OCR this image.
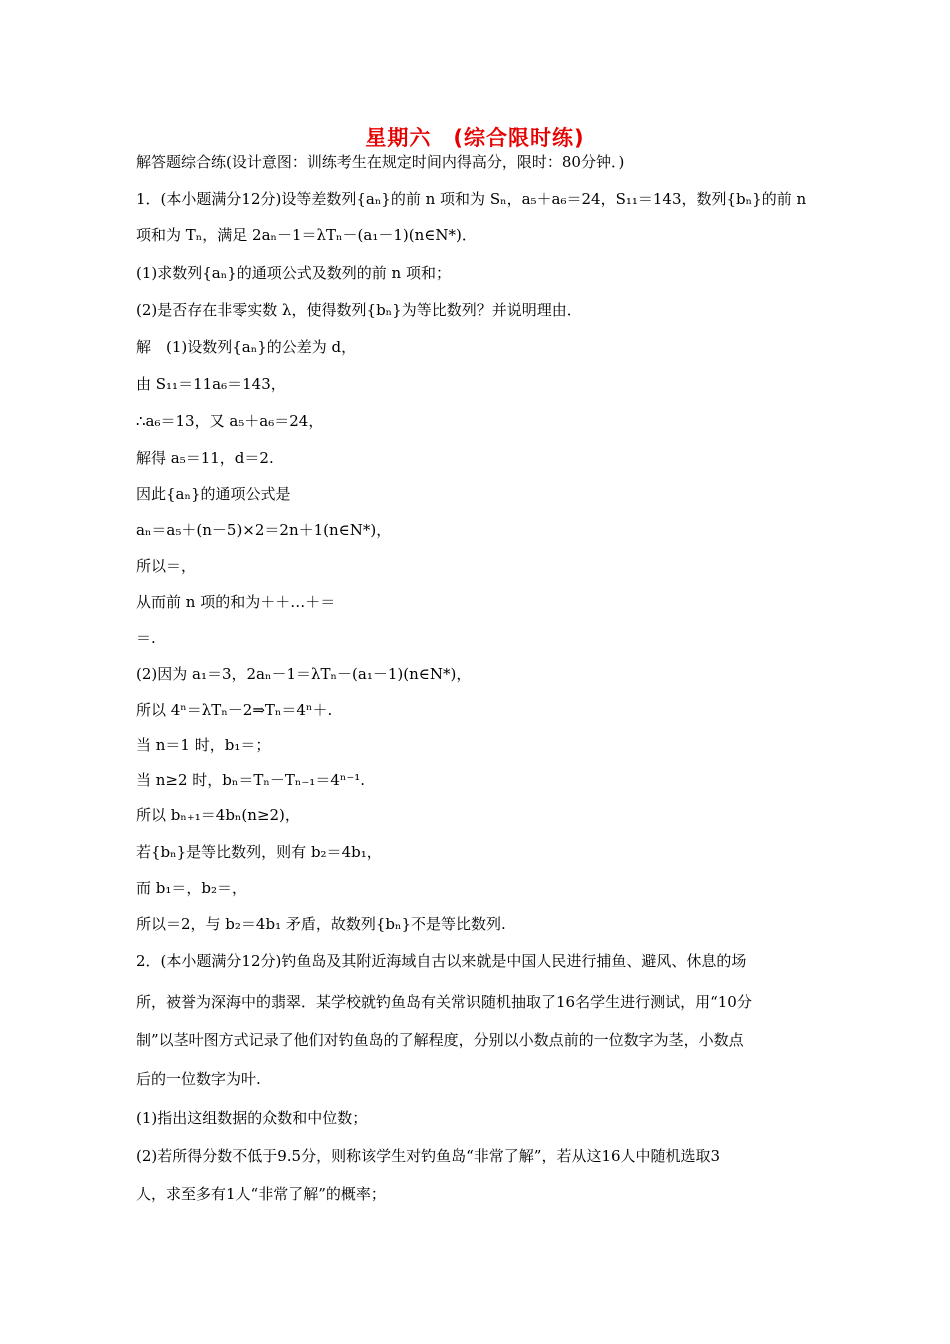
星期六　(综合限时练)
解答题综合练(设计意图：训练考生在规定时间内得高分，限时：80分钟．)
1．(本小题满分12分)设等差数列{aₙ}的前 n 项和为 Sₙ，a₅＋a₆＝24，S₁₁＝143，数列{bₙ}的前 n
项和为 Tₙ，满足 2aₙ－1＝λTₙ－(a₁－1)(n∈N*)．
(1)求数列{aₙ}的通项公式及数列的前 n 项和；
(2)是否存在非零实数 λ，使得数列{bₙ}为等比数列？并说明理由．
解　(1)设数列{aₙ}的公差为 d，
由 S₁₁＝11a₆＝143，
∴a₆＝13，又 a₅＋a₆＝24，
解得 a₅＝11，d＝2.
因此{aₙ}的通项公式是
aₙ＝a₅＋(n－5)×2＝2n＋1(n∈N*)，
所以＝，
从而前 n 项的和为＋＋…＋＝
＝.
(2)因为 a₁＝3，2aₙ－1＝λTₙ－(a₁－1)(n∈N*)，
所以 4ⁿ＝λTₙ－2⇒Tₙ＝4ⁿ＋.
当 n＝1 时，b₁＝；
当 n≥2 时，bₙ＝Tₙ－Tₙ₋₁＝4ⁿ⁻¹.
所以 bₙ₊₁＝4bₙ(n≥2)，
若{bₙ}是等比数列，则有 b₂＝4b₁，
而 b₁＝，b₂＝，
所以＝2，与 b₂＝4b₁ 矛盾，故数列{bₙ}不是等比数列.
2．(本小题满分12分)钓鱼岛及其附近海域自古以来就是中国人民进行捕鱼、避风、休息的场
所，被誉为深海中的翡翠．某学校就钓鱼岛有关常识随机抽取了16名学生进行测试，用“10分
制”以茎叶图方式记录了他们对钓鱼岛的了解程度，分别以小数点前的一位数字为茎，小数点
后的一位数字为叶.
(1)指出这组数据的众数和中位数；
(2)若所得分数不低于9.5分，则称该学生对钓鱼岛“非常了解”，若从这16人中随机选取3
人，求至多有1人“非常了解”的概率；
